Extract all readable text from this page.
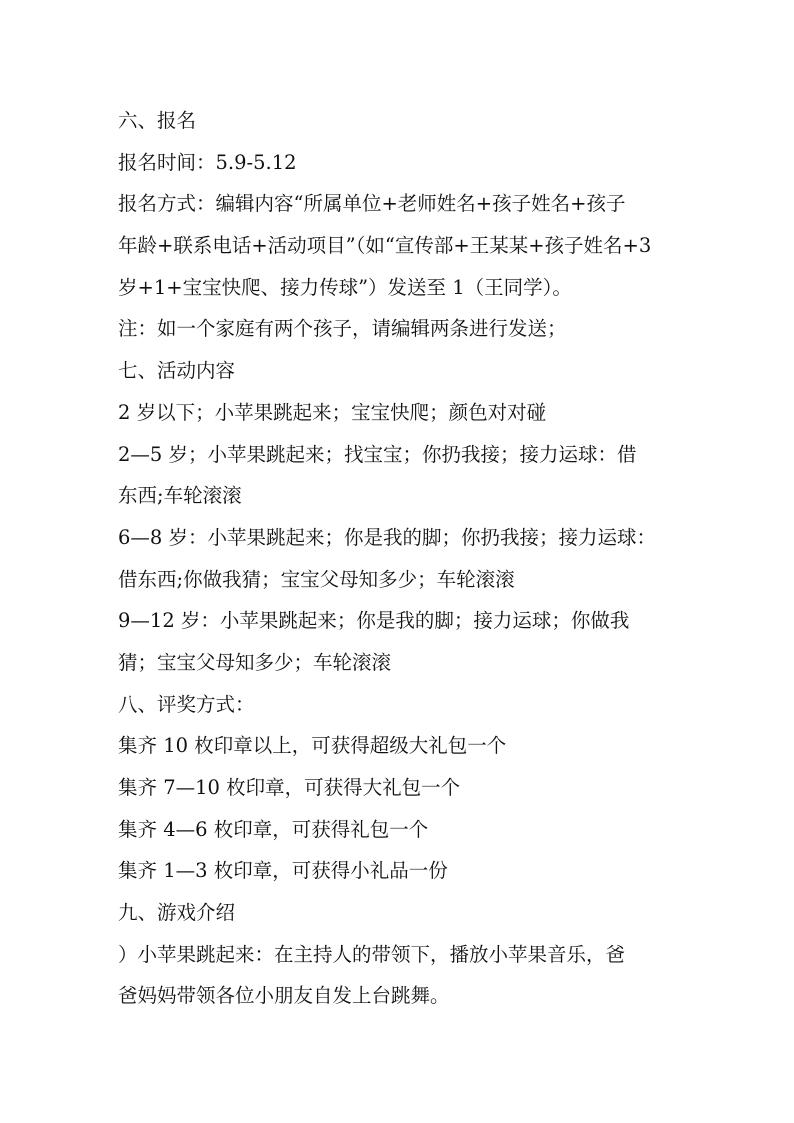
六、报名
报名时间：5.9-5.12
报名方式：编辑内容“所属单位+老师姓名+孩子姓名+孩子
年龄+联系电话+活动项目”（如“宣传部+王某某+孩子姓名+3
岁+1+宝宝快爬、接力传球”）发送至 1（王同学）。
注：如一个家庭有两个孩子，请编辑两条进行发送；
七、活动内容
2 岁以下；小苹果跳起来；宝宝快爬；颜色对对碰
2—5 岁；小苹果跳起来；找宝宝；你扔我接；接力运球：借
东西;车轮滚滚
6—8 岁：小苹果跳起来；你是我的脚；你扔我接；接力运球：
借东西;你做我猜；宝宝父母知多少；车轮滚滚
9—12 岁：小苹果跳起来；你是我的脚；接力运球；你做我
猜；宝宝父母知多少；车轮滚滚
八、评奖方式：
集齐 10 枚印章以上，可获得超级大礼包一个
集齐 7—10 枚印章，可获得大礼包一个
集齐 4—6 枚印章，可获得礼包一个
集齐 1—3 枚印章，可获得小礼品一份
九、游戏介绍
）小苹果跳起来：在主持人的带领下，播放小苹果音乐，爸
爸妈妈带领各位小朋友自发上台跳舞。
